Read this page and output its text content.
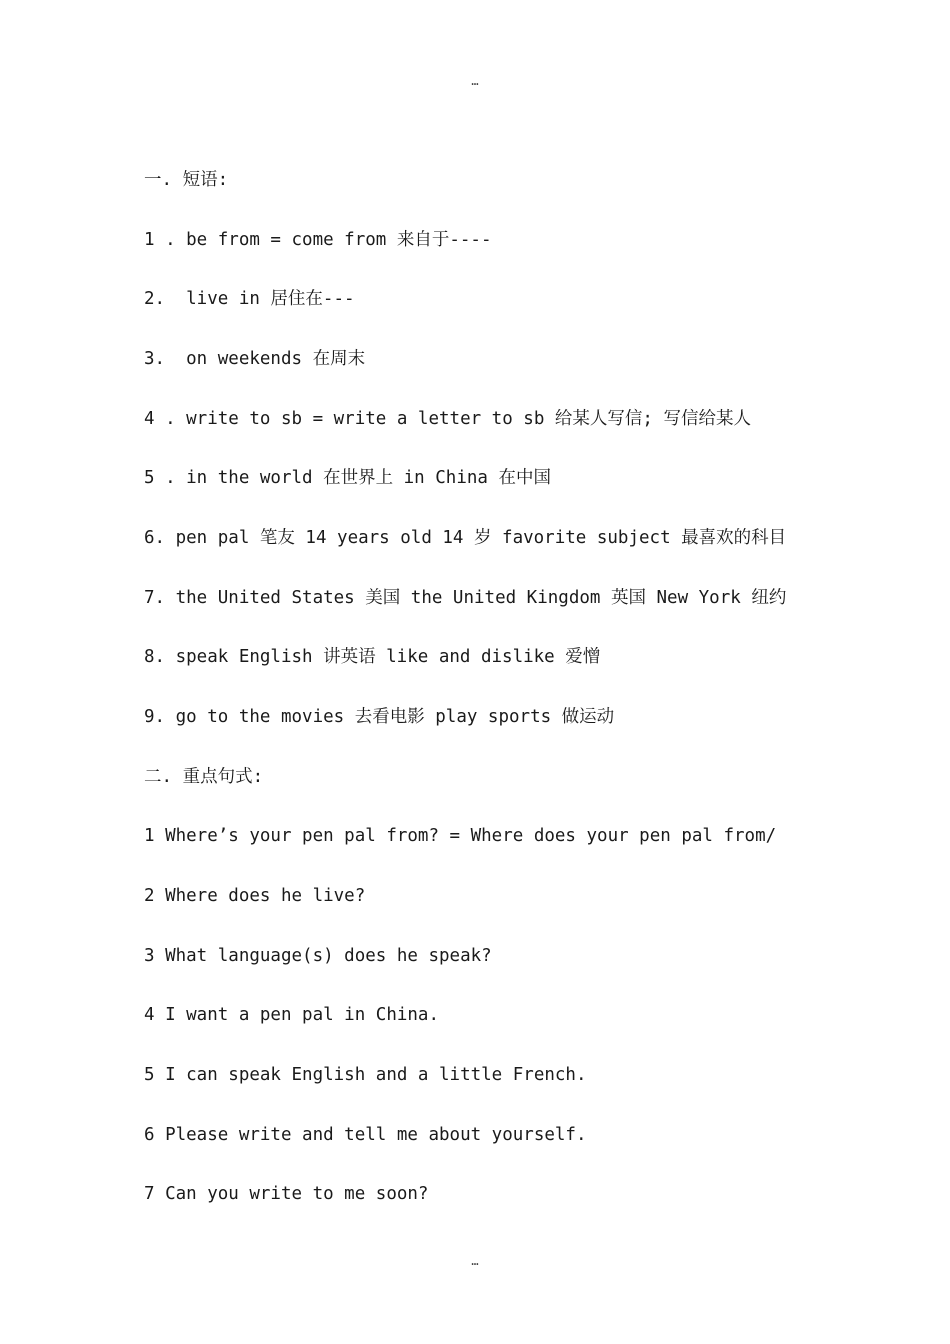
…
一. 短语:
1 . be from = come from 来自于----
2.  live in 居住在---
3.  on weekends 在周末
4 . write to sb = write a letter to sb 给某人写信; 写信给某人
5 . in the world 在世界上 in China 在中国
6. pen pal 笔友 14 years old 14 岁 favorite subject 最喜欢的科目
7. the United States 美国 the United Kingdom 英国 New York 纽约
8. speak English 讲英语 like and dislike 爱憎
9. go to the movies 去看电影 play sports 做运动
二. 重点句式:
1 Where’s your pen pal from? = Where does your pen pal from/
2 Where does he live?
3 What language(s) does he speak?
4 I want a pen pal in China.
5 I can speak English and a little French.
6 Please write and tell me about yourself.
7 Can you write to me soon?
…
